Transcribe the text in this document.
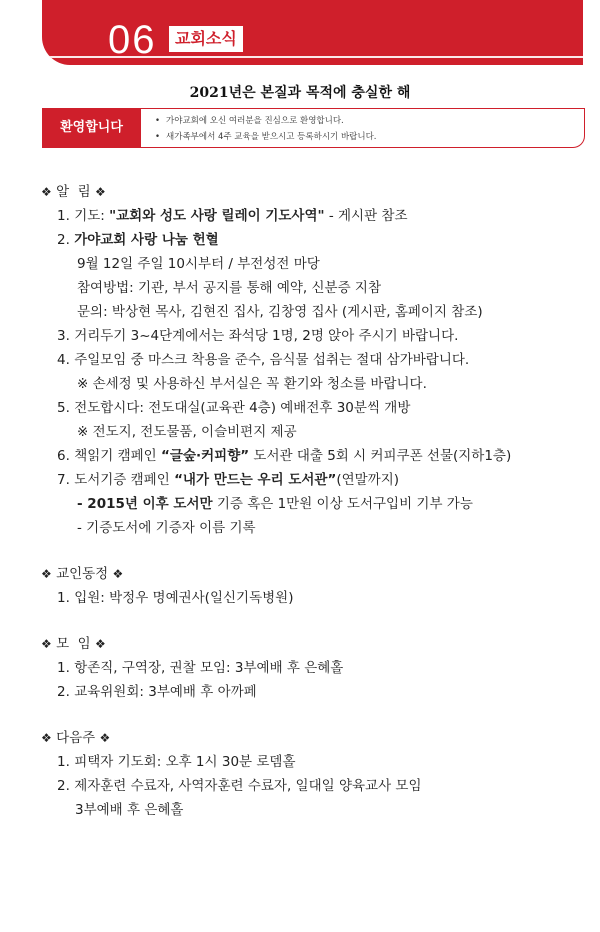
06	교회소식
2021년은 본질과 목적에 충실한 해
환영합니다
•	가야교회에 오신 여러분을 진심으로 환영합니다.
• 새가족부에서 4주 교육을 받으시고 등록하시기 바랍니다.
❖ 알  림 ❖
1. 기도: "교회와 성도 사랑 릴레이 기도사역" - 게시판 참조
2. 가야교회 사랑 나눔 헌혈
9월 12일 주일 10시부터 / 부전성전 마당
참여방법: 기관, 부서 공지를 통해 예약, 신분증 지참
문의: 박상현 목사, 김현진 집사, 김창영 집사 (게시판, 홈페이지 참조)
3. 거리두기 3~4단계에서는 좌석당 1명, 2명 앉아 주시기 바랍니다.
4. 주일모임 중 마스크 착용을 준수, 음식물 섭취는 절대 삼가바랍니다.
※ 손세정 및 사용하신 부서실은 꼭 환기와 청소를 바랍니다.
5. 전도합시다: 전도대실(교육관 4층) 예배전후 30분씩 개방
※ 전도지, 전도물품, 이슬비편지 제공
6. 책읽기 캠페인 “글숲·커피향” 도서관 대출 5회 시 커피쿠폰 선물(지하1층)
7. 도서기증 캠페인 “내가 만드는 우리 도서관”(연말까지)
- 2015년 이후 도서만 기증 혹은 1만원 이상 도서구입비 기부 가능
- 기증도서에 기증자 이름 기록
❖ 교인동정 ❖
1. 입원: 박정우 명예권사(일신기독병원)
❖ 모  임 ❖
1. 항존직, 구역장, 권찰 모임: 3부예배 후 은혜홀
2. 교육위원회: 3부예배 후 아까페
❖ 다음주 ❖
1. 피택자 기도회: 오후 1시 30분 로뎀홀
2. 제자훈련 수료자, 사역자훈련 수료자, 일대일 양육교사 모임
3부예배 후 은혜홀
